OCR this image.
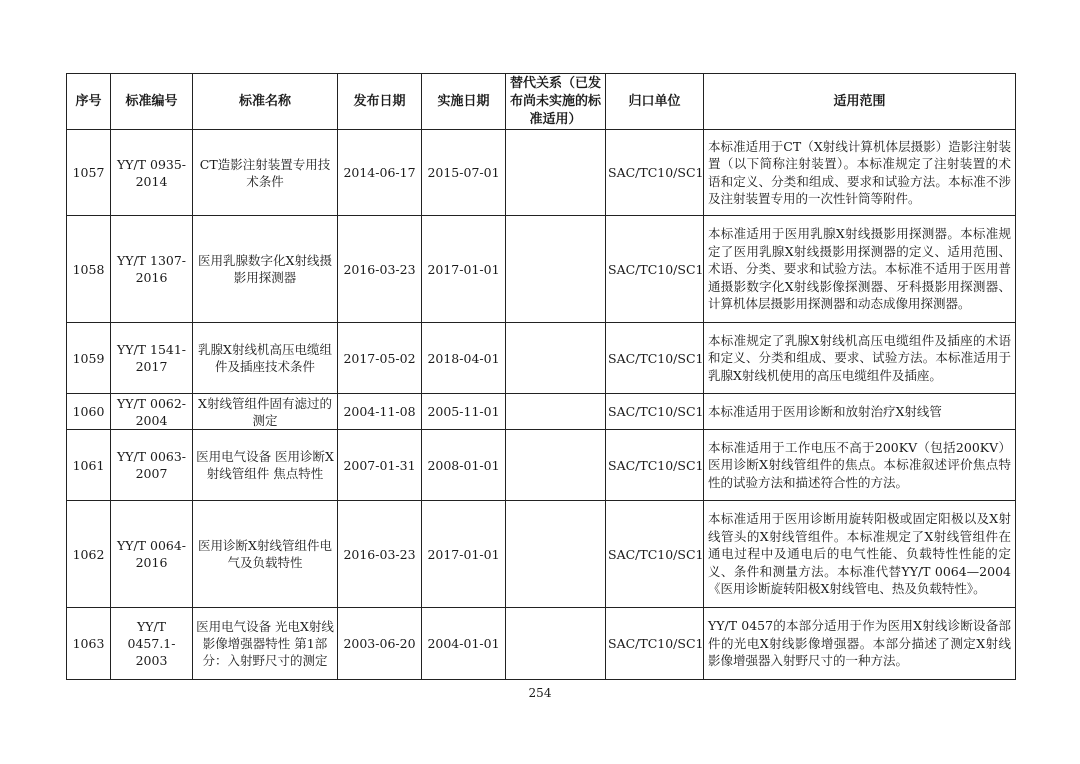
序号	标准编号	标准名称	发布日期	实施日期	替代关系（已发布尚未实施的标准适用）	归口单位	适用范围
1057	YY/T 0935-2014	CT造影注射装置专用技术条件	2014-06-17	2015-07-01		SAC/TC10/SC1	本标准适用于CT（X射线计算机体层摄影）造影注射装置（以下简称注射装置）。本标准规定了注射装置的术语和定义、分类和组成、要求和试验方法。本标准不涉及注射装置专用的一次性针筒等附件。
1058	YY/T 1307-2016	医用乳腺数字化X射线摄影用探测器	2016-03-23	2017-01-01		SAC/TC10/SC1	本标准适用于医用乳腺X射线摄影用探测器。本标准规定了医用乳腺X射线摄影用探测器的定义、适用范围、术语、分类、要求和试验方法。本标准不适用于医用普通摄影数字化X射线影像探测器、牙科摄影用探测器、计算机体层摄影用探测器和动态成像用探测器。
1059	YY/T 1541-2017	乳腺X射线机高压电缆组件及插座技术条件	2017-05-02	2018-04-01		SAC/TC10/SC1	本标准规定了乳腺X射线机高压电缆组件及插座的术语和定义、分类和组成、要求、试验方法。本标准适用于乳腺X射线机使用的高压电缆组件及插座。
1060	YY/T 0062-2004	X射线管组件固有滤过的测定	2004-11-08	2005-11-01		SAC/TC10/SC1	本标准适用于医用诊断和放射治疗X射线管
1061	YY/T 0063-2007	医用电气设备 医用诊断X射线管组件 焦点特性	2007-01-31	2008-01-01		SAC/TC10/SC1	本标准适用于工作电压不高于200KV（包括200KV）医用诊断X射线管组件的焦点。本标准叙述评价焦点特性的试验方法和描述符合性的方法。
1062	YY/T 0064-2016	医用诊断X射线管组件电气及负载特性	2016-03-23	2017-01-01		SAC/TC10/SC1	本标准适用于医用诊断用旋转阳极或固定阳极以及X射线管头的X射线管组件。本标准规定了X射线管组件在通电过程中及通电后的电气性能、负载特性性能的定义、条件和测量方法。本标准代替YY/T 0064—2004《医用诊断旋转阳极X射线管电、热及负载特性》。
1063	YY/T 0457.1-2003	医用电气设备 光电X射线影像增强器特性 第1部分：入射野尺寸的测定	2003-06-20	2004-01-01		SAC/TC10/SC1	YY/T 0457的本部分适用于作为医用X射线诊断设备部件的光电X射线影像增强器。本部分描述了测定X射线影像增强器入射野尺寸的一种方法。
254
